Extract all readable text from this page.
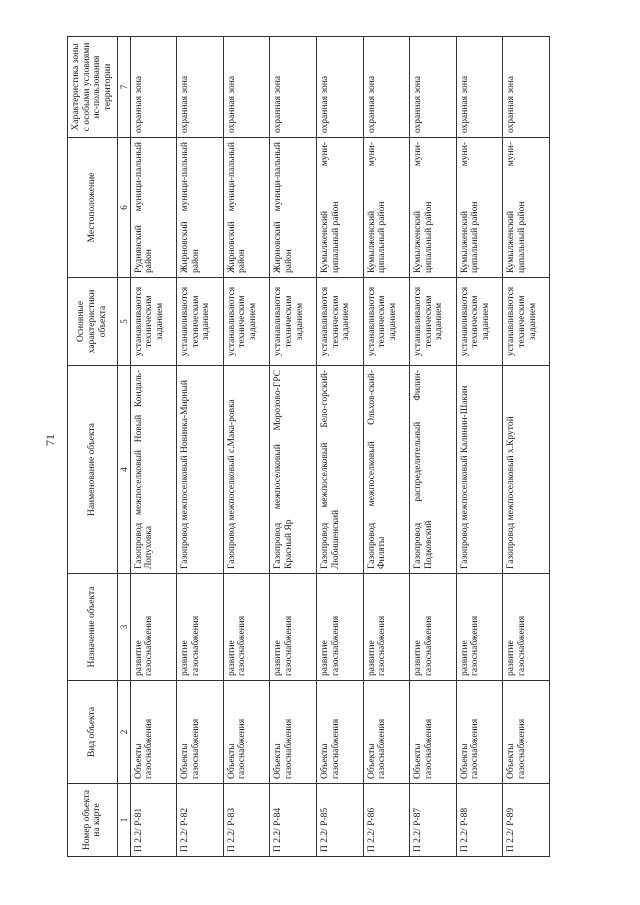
71
Номер объекта на карте	Вид объекта	Назначение объекта	Наименование объекта	Основные характеристики объекта	Местоположение	Характеристика зоны с особыми условиями ис-пользования территории
1	2	3	4	5	6	7
П 2.2/ Р-81	Объекты газоснабжения	развитие газоснабжения	Газопровод межпоселковый Новый Кондаль-Лопуховка	устанавливаются техническим заданием	Руднянский муници-пальный район	охранная зона
П 2.2/ Р-82	Объекты газоснабжения	развитие газоснабжения	Газопровод межпоселковый Новинка-Мирный	устанавливаются техническим заданием	Жирновский муници-пальный район	охранная зона
П 2.2/ Р-83	Объекты газоснабжения	развитие газоснабжения	Газопровод межпоселковый с.Мака-ровка	устанавливаются техническим заданием	Жирновский муници-пальный район	охранная зона
П 2.2/ Р-84	Объекты газоснабжения	развитие газоснабжения	Газопровод межпоселковый Морозово-ГРС Красный Яр	устанавливаются техническим заданием	Жирновский муници-пальный район	охранная зона
П 2.2/ Р-85	Объекты газоснабжения	развитие газоснабжения	Газопровод межпоселковый Бело-горский-Любишенский	устанавливаются техническим заданием	Кумылженский муни-ципальный район	охранная зона
П 2.2/ Р-86	Объекты газоснабжения	развитие газоснабжения	Газопровод межпоселковый Ольхов-ский-Филяты	устанавливаются техническим заданием	Кумылженский муни-ципальный район	охранная зона
П 2.2/ Р-87	Объекты газоснабжения	развитие газоснабжения	Газопровод распределительный Филин-Подковский	устанавливаются техническим заданием	Кумылженский муни-ципальный район	охранная зона
П 2.2/ Р-88	Объекты газоснабжения	развитие газоснабжения	Газопровод межпоселковый Калинин-Шакин	устанавливаются техническим заданием	Кумылженский муни-ципальный район	охранная зона
П 2.2/ Р-89	Объекты газоснабжения	развитие газоснабжения	Газопровод межпоселковый х.Крутой	устанавливаются техническим заданием	Кумылженский муни-ципальный район	охранная зона
